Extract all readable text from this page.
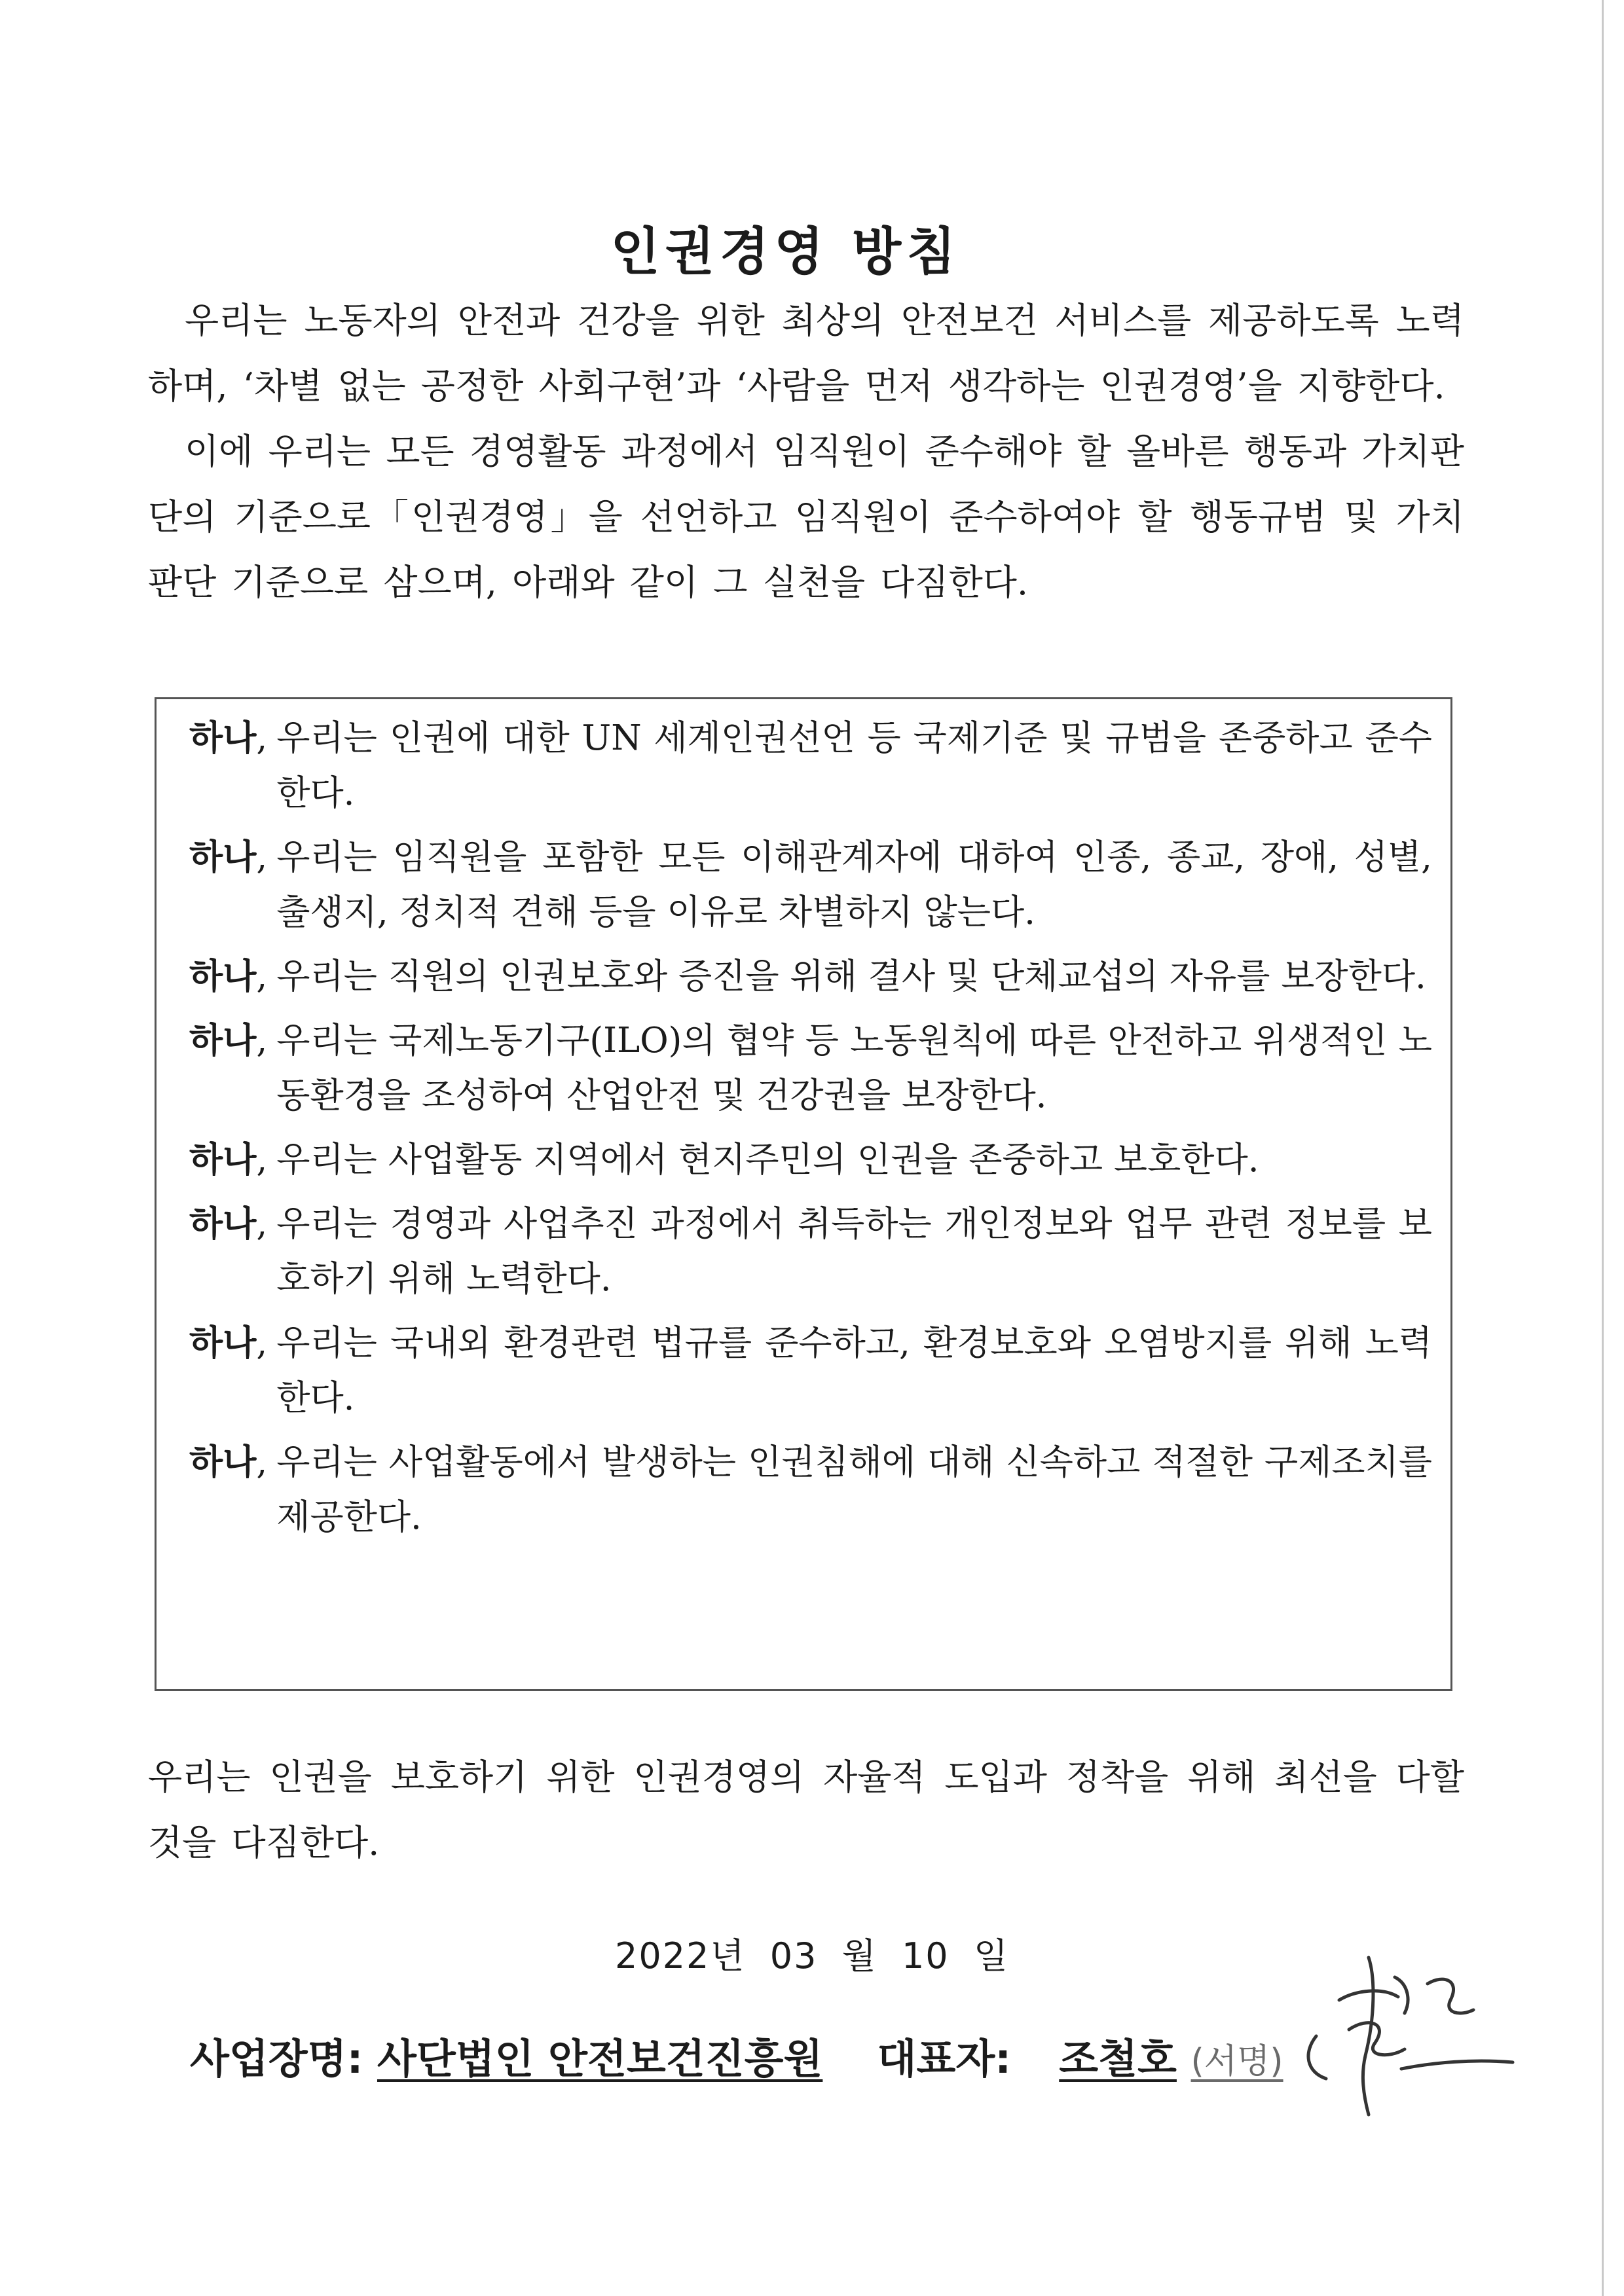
인권경영 방침

우리는 노동자의 안전과 건강을 위한 최상의 안전보건 서비스를 제공하도록 노력하며, ‘차별 없는 공정한 사회구현’과 ‘사람을 먼저 생각하는 인권경영’을 지향한다.

이에 우리는 모든 경영활동 과정에서 임직원이 준수해야 할 올바른 행동과 가치판단의 기준으로「인권경영」을 선언하고 임직원이 준수하여야 할 행동규범 및 가치판단 기준으로 삼으며, 아래와 같이 그 실천을 다짐한다.

하나, 우리는 인권에 대한 UN 세계인권선언 등 국제기준 및 규범을 존중하고 준수한다.
하나, 우리는 임직원을 포함한 모든 이해관계자에 대하여 인종, 종교, 장애, 성별, 출생지, 정치적 견해 등을 이유로 차별하지 않는다.
하나, 우리는 직원의 인권보호와 증진을 위해 결사 및 단체교섭의 자유를 보장한다.
하나, 우리는 국제노동기구(ILO)의 협약 등 노동원칙에 따른 안전하고 위생적인 노동환경을 조성하여 산업안전 및 건강권을 보장한다.
하나, 우리는 사업활동 지역에서 현지주민의 인권을 존중하고 보호한다.
하나, 우리는 경영과 사업추진 과정에서 취득하는 개인정보와 업무 관련 정보를 보호하기 위해 노력한다.
하나, 우리는 국내외 환경관련 법규를 준수하고, 환경보호와 오염방지를 위해 노력한다.
하나, 우리는 사업활동에서 발생하는 인권침해에 대해 신속하고 적절한 구제조치를 제공한다.

우리는 인권을 보호하기 위한 인권경영의 자율적 도입과 정착을 위해 최선을 다할 것을 다짐한다.

2022년 03 월 10 일
사업장명: 사단법인 안전보건진흥원 대표자: 조철호 (서명)
